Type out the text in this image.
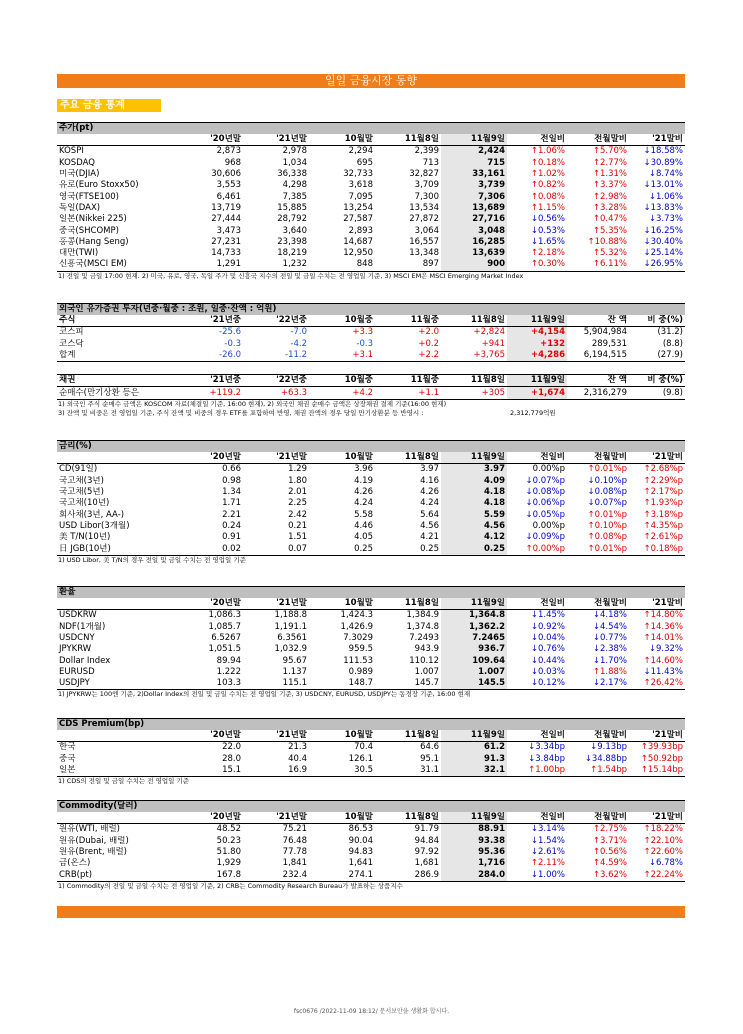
일일 금융시장 동향
주요 금융 통계
주가(pt)
	'20년말	'21년말	10월말	11월8일	11월9일	전일비	전월말비	'21말비
KOSPI	2,873	2,978	2,294	2,399	2,424	↑1.06%	↑5.70%	↓18.58%
KOSDAQ	968	1,034	695	713	715	↑0.18%	↑2.77%	↓30.89%
미국(DJIA)	30,606	36,338	32,733	32,827	33,161	↑1.02%	↑1.31%	↓8.74%
유로(Euro Stoxx50)	3,553	4,298	3,618	3,709	3,739	↑0.82%	↑3.37%	↓13.01%
영국(FTSE100)	6,461	7,385	7,095	7,300	7,306	↑0.08%	↑2.98%	↓1.06%
독일(DAX)	13,719	15,885	13,254	13,534	13,689	↑1.15%	↑3.28%	↓13.83%
일본(Nikkei 225)	27,444	28,792	27,587	27,872	27,716	↓0.56%	↑0.47%	↓3.73%
중국(SHCOMP)	3,473	3,640	2,893	3,064	3,048	↓0.53%	↑5.35%	↓16.25%
홍콩(Hang Seng)	27,231	23,398	14,687	16,557	16,285	↓1.65%	↑10.88%	↓30.40%
대만(TWI)	14,733	18,219	12,950	13,348	13,639	↑2.18%	↑5.32%	↓25.14%
신흥국(MSCI EM)	1,291	1,232	848	897	900	↑0.30%	↑6.11%	↓26.95%
1) 전일 및 금일 17:00 현재. 2) 미국, 유로, 영국, 독일 주가 및 신흥국 지수의 전일 및 금일 수치는 전 영업일 기준, 3) MSCI EM은 MSCI Emerging Market Index
외국인 유가증권 투자(년중·월중 : 조원, 일중·잔액 : 억원)
주식	'21년중	'22년중	10월중	11월중	11월8일	11월9일	잔 액	비 중(%)
코스피	-25.6	-7.0	+3.3	+2.0	+2,824	+4,154	5,904,984	(31.2)
코스닥	-0.3	-4.2	-0.3	+0.2	+941	+132	289,531	(8.8)
합계	-26.0	-11.2	+3.1	+2.2	+3,765	+4,286	6,194,515	(27.9)
채권	'21년중	'22년중	10월중	11월중	11월8일	11월9일	잔 액	비 중(%)
순매수(만기상환 등은	+119.2	+63.3	+4.2	+1.1	+305	+1,674	2,316,279	(9.8)
1) 외국인 주식 순매수 금액은 KOSCOM 자료(체결일 기준, 16:00 현재), 2) 외국인 채권 순매수 금액은 상장채권 결제 기준(16:00 현재)
3) 잔액 및 비중은 전 영업일 기준, 주식 잔액 및 비중의 경우 ETF를 포함하여 반영, 채권 잔액의 경우 당일 만기상환분 등 반영시 :	2,312,779억원
금리(%)
	'20년말	'21년말	10월말	11월8일	11월9일	전일비	전월말비	'21말비
CD(91일)	0.66	1.29	3.96	3.97	3.97	0.00%p	↑0.01%p	↑2.68%p
국고채(3년)	0.98	1.80	4.19	4.16	4.09	↓0.07%p	↓0.10%p	↑2.29%p
국고채(5년)	1.34	2.01	4.26	4.26	4.18	↓0.08%p	↓0.08%p	↑2.17%p
국고채(10년)	1.71	2.25	4.24	4.24	4.18	↓0.06%p	↓0.07%p	↑1.93%p
회사채(3년, AA-)	2.21	2.42	5.58	5.64	5.59	↓0.05%p	↑0.01%p	↑3.18%p
USD Libor(3개월)	0.24	0.21	4.46	4.56	4.56	0.00%p	↑0.10%p	↑4.35%p
美 T/N(10년)	0.91	1.51	4.05	4.21	4.12	↓0.09%p	↑0.08%p	↑2.61%p
日 JGB(10년)	0.02	0.07	0.25	0.25	0.25	↑0.00%p	↑0.01%p	↑0.18%p
1) USD Libor, 美 T/N의 경우 전일 및 금일 수치는 전 영업일 기준
환율
	'20년말	'21년말	10월말	11월8일	11월9일	전일비	전월말비	'21말비
USDKRW	1,086.3	1,188.8	1,424.3	1,384.9	1,364.8	↓1.45%	↓4.18%	↑14.80%
NDF(1개월)	1,085.7	1,191.1	1,426.9	1,374.8	1,362.2	↓0.92%	↓4.54%	↑14.36%
USDCNY	6.5267	6.3561	7.3029	7.2493	7.2465	↓0.04%	↓0.77%	↑14.01%
JPYKRW	1,051.5	1,032.9	959.5	943.9	936.7	↓0.76%	↓2.38%	↓9.32%
Dollar Index	89.94	95.67	111.53	110.12	109.64	↓0.44%	↓1.70%	↑14.60%
EURUSD	1.222	1.137	0.989	1.007	1.007	↓0.03%	↑1.88%	↓11.43%
USDJPY	103.3	115.1	148.7	145.7	145.5	↓0.12%	↓2.17%	↑26.42%
1) JPYKRW는 100엔 기준, 2)Dollar Index의 전일 및 금일 수치는 전 영업일 기준, 3) USDCNY, EURUSD, USDJPY는 동경장 기준, 16:00 현재
CDS Premium(bp)
	'20년말	'21년말	10월말	11월8일	11월9일	전일비	전월말비	'21말비
한국	22.0	21.3	70.4	64.6	61.2	↓3.34bp	↓9.13bp	↑39.93bp
중국	28.0	40.4	126.1	95.1	91.3	↓3.84bp	↓34.88bp	↑50.92bp
일본	15.1	16.9	30.5	31.1	32.1	↑1.00bp	↑1.54bp	↑15.14bp
1) CDS의 전일 및 금일 수치는 전 영업일 기준
Commodity(달러)
	'20년말	'21년말	10월말	11월8일	11월9일	전일비	전월말비	'21말비
원유(WTI, 배럴)	48.52	75.21	86.53	91.79	88.91	↓3.14%	↑2.75%	↑18.22%
원유(Dubai, 배럴)	50.23	76.48	90.04	94.84	93.38	↓1.54%	↑3.71%	↑22.10%
원유(Brent, 배럴)	51.80	77.78	94.83	97.92	95.36	↓2.61%	↑0.56%	↑22.60%
금(온스)	1,929	1,841	1,641	1,681	1,716	↑2.11%	↑4.59%	↓6.78%
CRB(pt)	167.8	232.4	274.1	286.9	284.0	↓1.00%	↑3.62%	↑22.24%
1) Commodity의 전일 및 금일 수치는 전 영업일 기준, 2) CRB는 Commodity Research Bureau가 발표하는 상품지수
fsc0676 /2022-11-09 18:12/ 문서보안을 생활화 합시다.
